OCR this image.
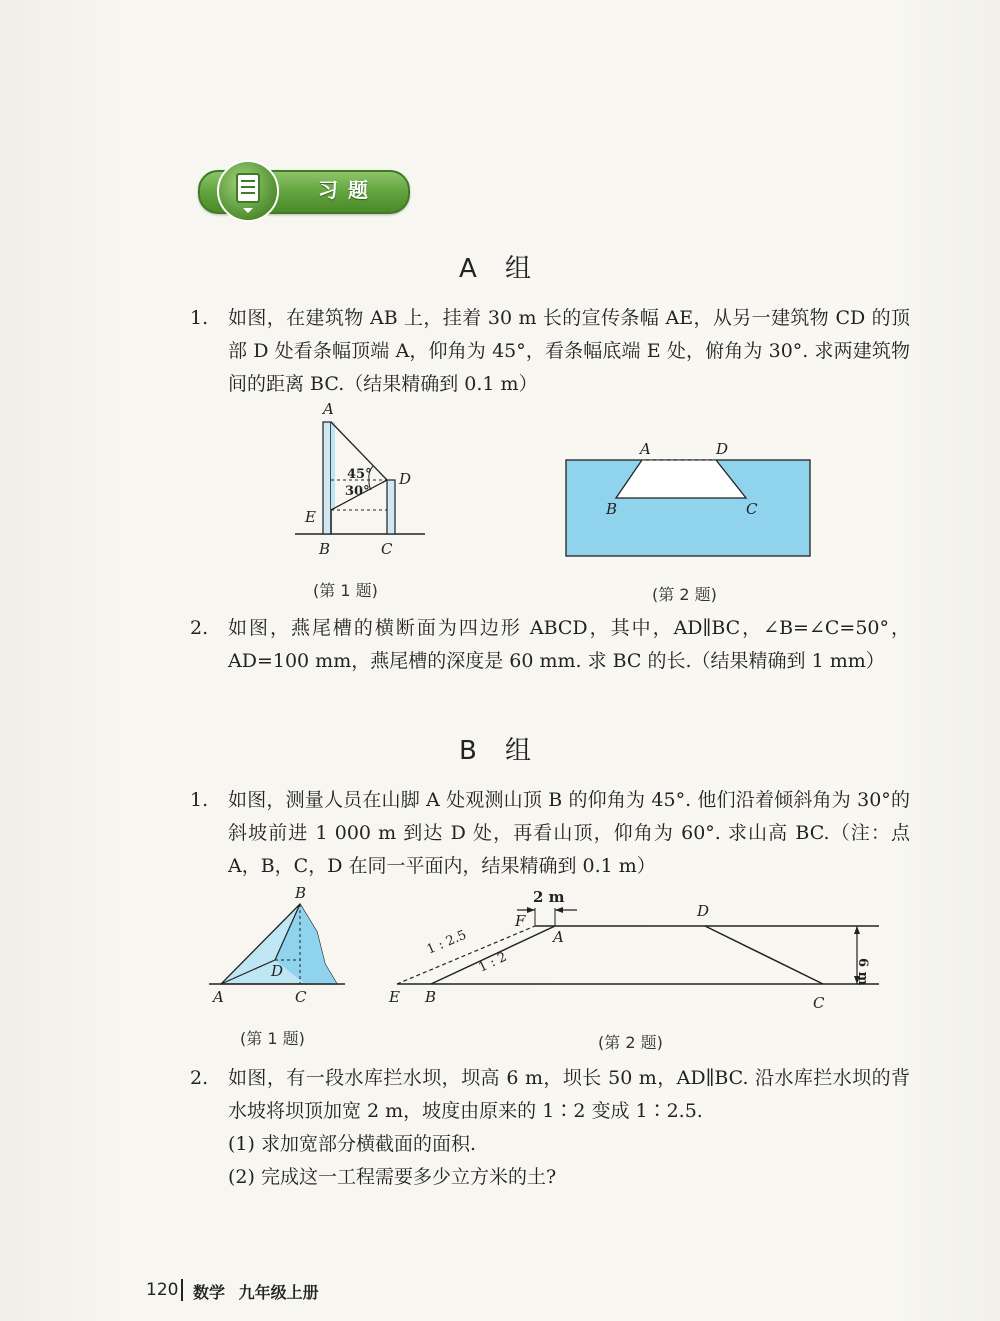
习题
A 组
1.	如图，在建筑物 AB 上，挂着 30 m 长的宣传条幅 AE，从另一建筑物 CD 的顶部 D 处看条幅顶端 A，仰角为 45°，看条幅底端 E 处，俯角为 30°. 求两建筑物间的距离 BC.（结果精确到 0.1 m）
A
E
B	C
D
45°
30°
(第 1 题)
A	D
B	C
(第 2 题)
2.	如图，燕尾槽的横断面为四边形 ABCD，其中，AD∥BC，∠B=∠C=50°，AD=100 mm，燕尾槽的深度是 60 mm. 求 BC 的长.（结果精确到 1 mm）
B 组
1.	如图，测量人员在山脚 A 处观测山顶 B 的仰角为 45°. 他们沿着倾斜角为 30°的斜坡前进 1 000 m 到达 D 处，再看山顶，仰角为 60°. 求山高 BC.（注：点 A，B，C，D 在同一平面内，结果精确到 0.1 m）
B
A	C
D
(第 1 题)
2 m
F
A
D
E B	C
6 m
1 : 2.5
1 : 2
(第 2 题)
2.	如图，有一段水库拦水坝，坝高 6 m，坝长 50 m，AD∥BC. 沿水库拦水坝的背水坡将坝顶加宽 2 m，坡度由原来的 1∶2 变成 1∶2.5.
(1) 求加宽部分横截面的面积.
(2) 完成这一工程需要多少立方米的土?
120 数学 九年级上册
